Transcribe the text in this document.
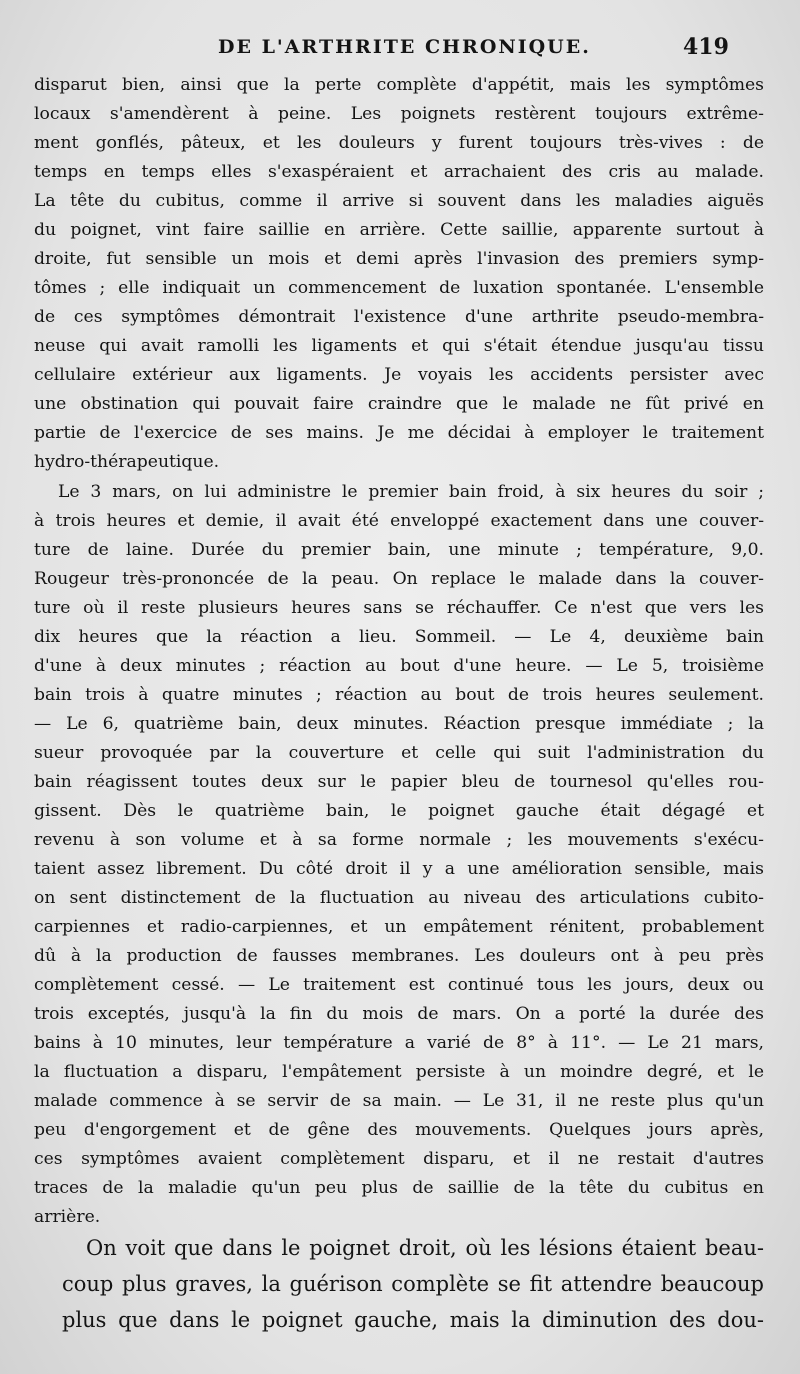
DE L'ARTHRITE CHRONIQUE.	419
disparut bien, ainsi que la perte complète d'appétit, mais les symptômes
locaux s'amendèrent à peine. Les poignets restèrent toujours extrême-
ment gonflés, pâteux, et les douleurs y furent toujours très-vives : de
temps en temps elles s'exaspéraient et arrachaient des cris au malade.
La tête du cubitus, comme il arrive si souvent dans les maladies aiguës
du poignet, vint faire saillie en arrière. Cette saillie, apparente surtout à
droite, fut sensible un mois et demi après l'invasion des premiers symp-
tômes ; elle indiquait un commencement de luxation spontanée. L'ensemble
de ces symptômes démontrait l'existence d'une arthrite pseudo-membra-
neuse qui avait ramolli les ligaments et qui s'était étendue jusqu'au tissu
cellulaire extérieur aux ligaments. Je voyais les accidents persister avec
une obstination qui pouvait faire craindre que le malade ne fût privé en
partie de l'exercice de ses mains. Je me décidai à employer le traitement
hydro-thérapeutique.
Le 3 mars, on lui administre le premier bain froid, à six heures du soir ;
à trois heures et demie, il avait été enveloppé exactement dans une couver-
ture de laine. Durée du premier bain, une minute ; température, 9,0.
Rougeur très-prononcée de la peau. On replace le malade dans la couver-
ture où il reste plusieurs heures sans se réchauffer. Ce n'est que vers les
dix heures que la réaction a lieu. Sommeil. — Le 4, deuxième bain
d'une à deux minutes ; réaction au bout d'une heure. — Le 5, troisième
bain trois à quatre minutes ; réaction au bout de trois heures seulement.
— Le 6, quatrième bain, deux minutes. Réaction presque immédiate ; la
sueur provoquée par la couverture et celle qui suit l'administration du
bain réagissent toutes deux sur le papier bleu de tournesol qu'elles rou-
gissent. Dès le quatrième bain, le poignet gauche était dégagé et
revenu à son volume et à sa forme normale ; les mouvements s'exécu-
taient assez librement. Du côté droit il y a une amélioration sensible, mais
on sent distinctement de la fluctuation au niveau des articulations cubito-
carpiennes et radio-carpiennes, et un empâtement rénitent, probablement
dû à la production de fausses membranes. Les douleurs ont à peu près
complètement cessé. — Le traitement est continué tous les jours, deux ou
trois exceptés, jusqu'à la fin du mois de mars. On a porté la durée des
bains à 10 minutes, leur température a varié de 8° à 11°. — Le 21 mars,
la fluctuation a disparu, l'empâtement persiste à un moindre degré, et le
malade commence à se servir de sa main. — Le 31, il ne reste plus qu'un
peu d'engorgement et de gêne des mouvements. Quelques jours après,
ces symptômes avaient complètement disparu, et il ne restait d'autres
traces de la maladie qu'un peu plus de saillie de la tête du cubitus en
arrière.
On voit que dans le poignet droit, où les lésions étaient beau-
coup plus graves, la guérison complète se fit attendre beaucoup
plus que dans le poignet gauche, mais la diminution des dou-
